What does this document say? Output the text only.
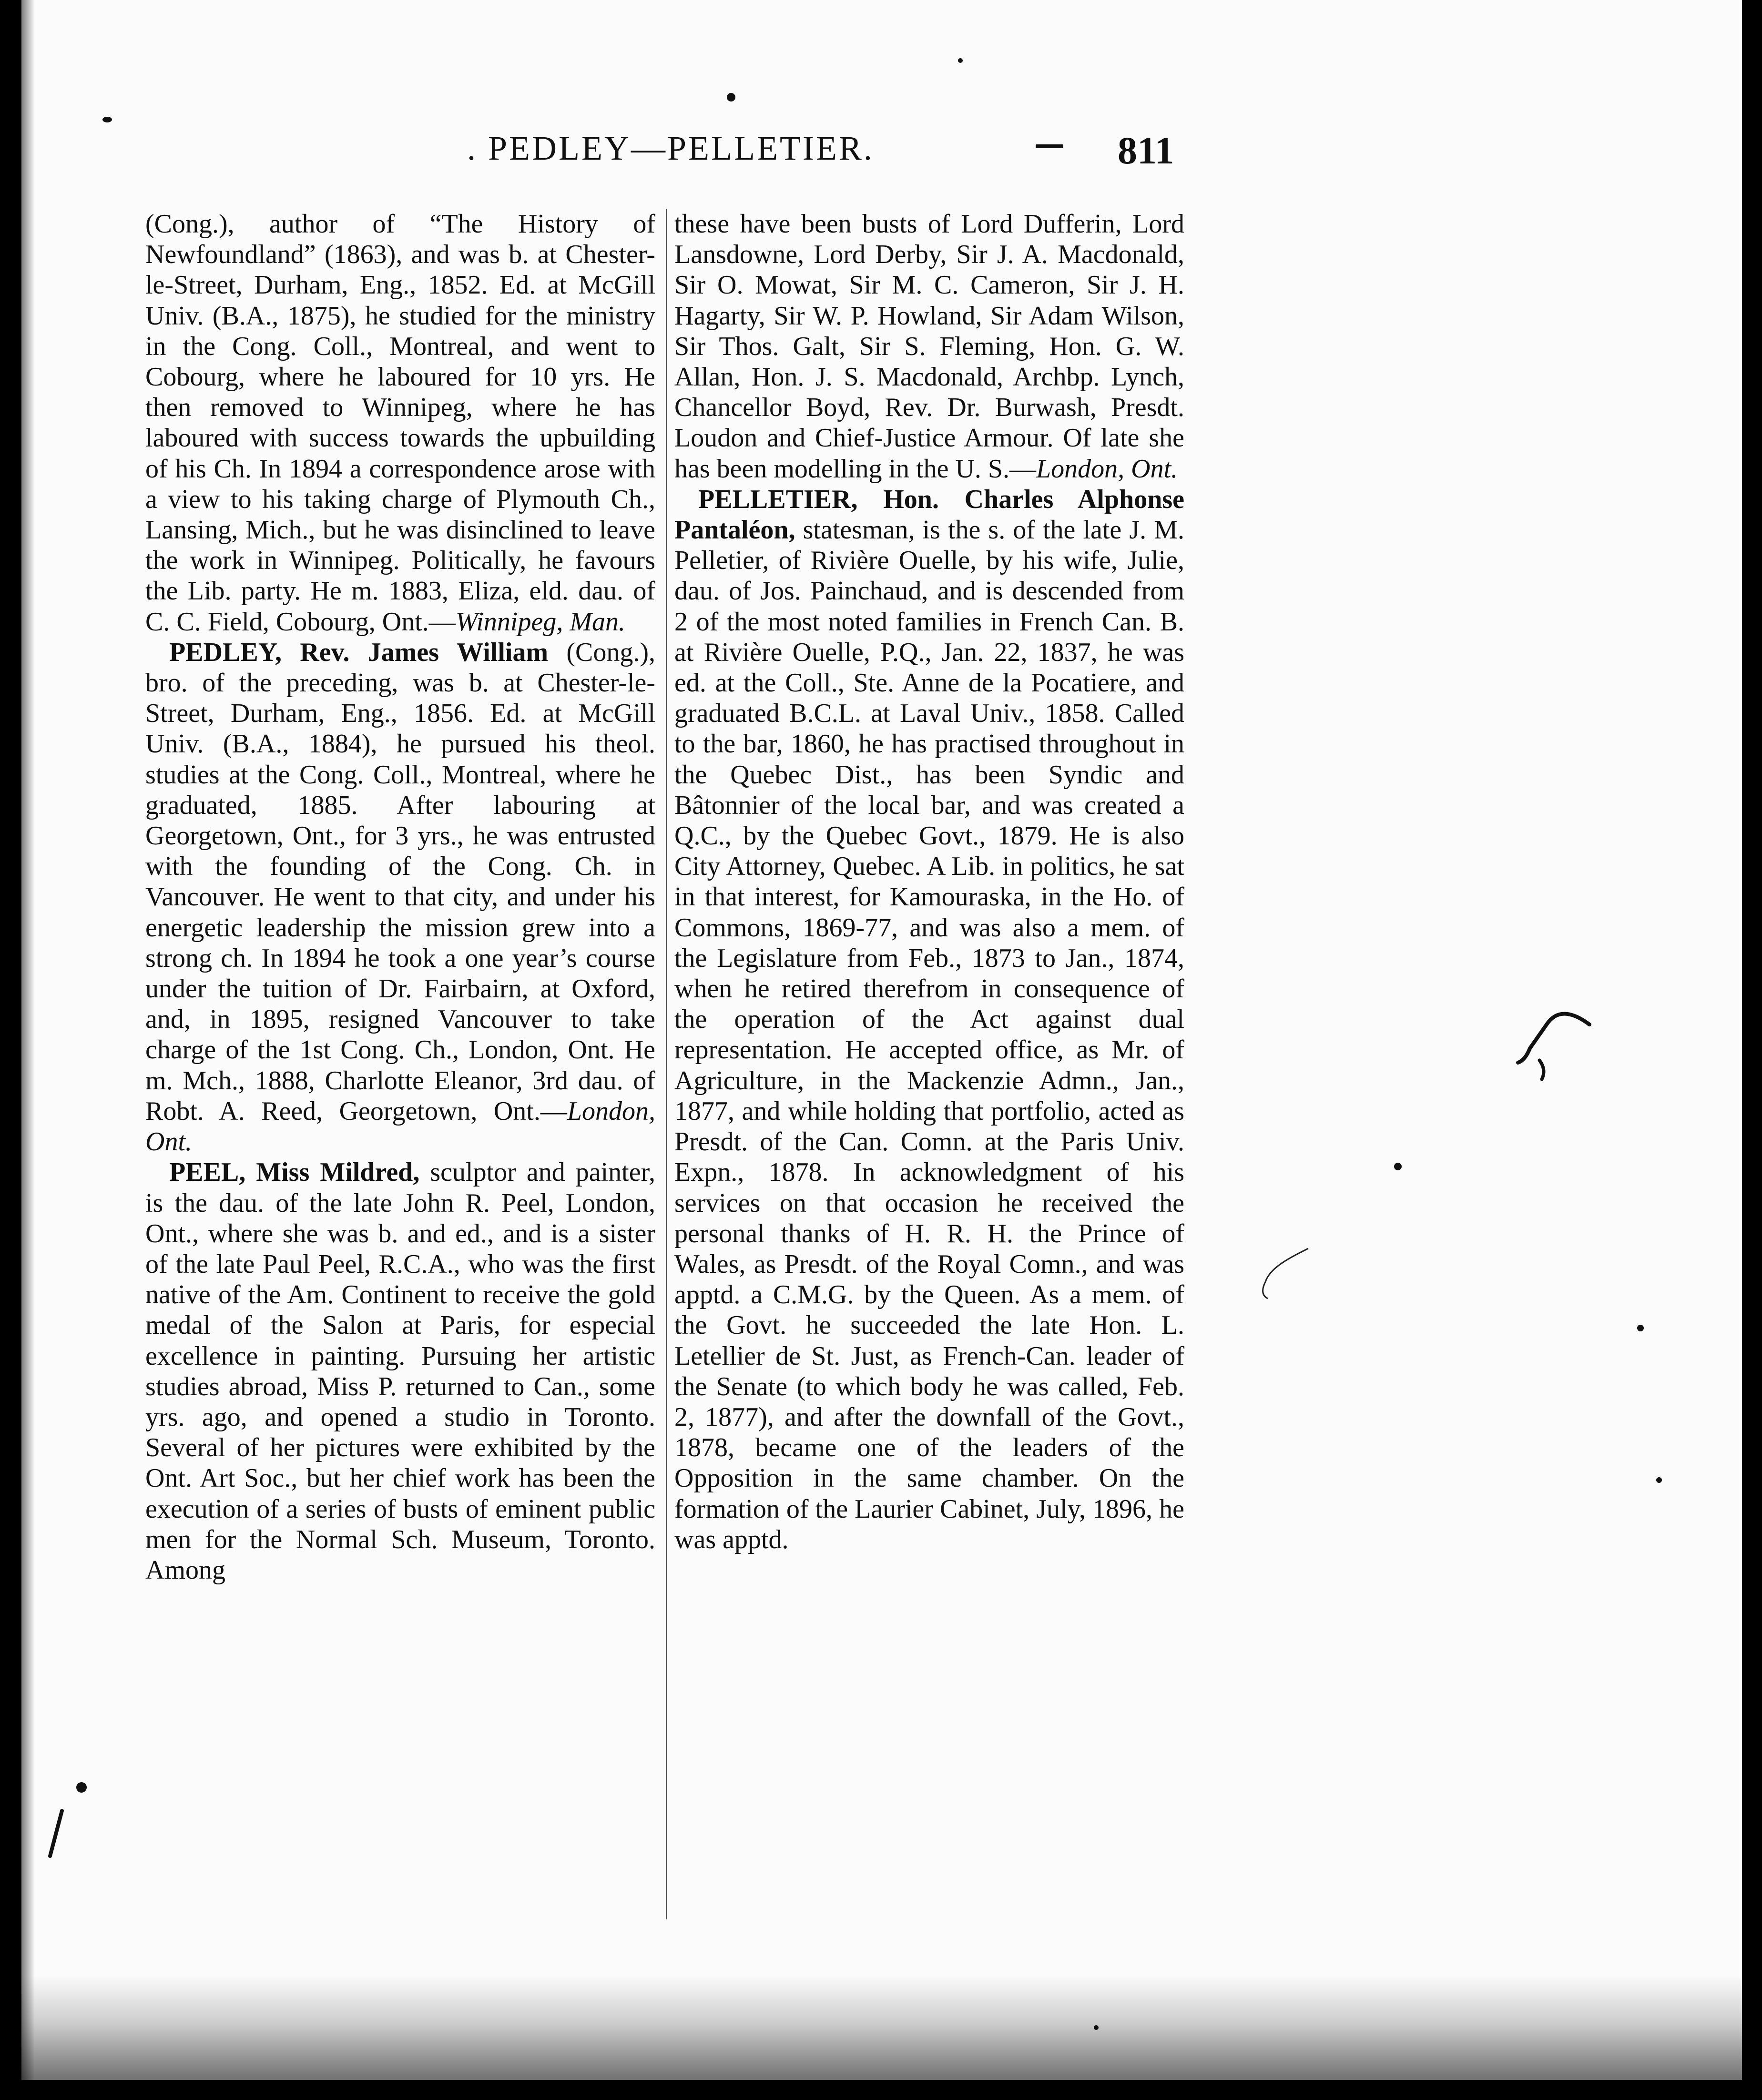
. PEDLEY—PELLETIER.	811

(Cong.), author of “The History of Newfoundland” (1863), and was b. at Chester-le-Street, Durham, Eng., 1852. Ed. at McGill Univ. (B.A., 1875), he studied for the ministry in the Cong. Coll., Montreal, and went to Cobourg, where he laboured for 10 yrs. He then removed to Winnipeg, where he has laboured with success towards the upbuilding of his Ch. In 1894 a correspondence arose with a view to his taking charge of Plymouth Ch., Lansing, Mich., but he was disinclined to leave the work in Winnipeg. Politically, he favours the Lib. party. He m. 1883, Eliza, eld. dau. of C. C. Field, Cobourg, Ont.—Winnipeg, Man.

PEDLEY, Rev. James William (Cong.), bro. of the preceding, was b. at Chester-le-Street, Durham, Eng., 1856. Ed. at McGill Univ. (B.A., 1884), he pursued his theol. studies at the Cong. Coll., Montreal, where he graduated, 1885. After labouring at Georgetown, Ont., for 3 yrs., he was entrusted with the founding of the Cong. Ch. in Vancouver. He went to that city, and under his energetic leadership the mission grew into a strong ch. In 1894 he took a one year’s course under the tuition of Dr. Fairbairn, at Oxford, and, in 1895, resigned Vancouver to take charge of the 1st Cong. Ch., London, Ont. He m. Mch., 1888, Charlotte Eleanor, 3rd dau. of Robt. A. Reed, Georgetown, Ont.—London, Ont.

PEEL, Miss Mildred, sculptor and painter, is the dau. of the late John R. Peel, London, Ont., where she was b. and ed., and is a sister of the late Paul Peel, R.C.A., who was the first native of the Am. Continent to receive the gold medal of the Salon at Paris, for especial excellence in painting. Pursuing her artistic studies abroad, Miss P. returned to Can., some yrs. ago, and opened a studio in Toronto. Several of her pictures were exhibited by the Ont. Art Soc., but her chief work has been the execution of a series of busts of eminent public men for the Normal Sch. Museum, Toronto. Among

these have been busts of Lord Dufferin, Lord Lansdowne, Lord Derby, Sir J. A. Macdonald, Sir O. Mowat, Sir M. C. Cameron, Sir J. H. Hagarty, Sir W. P. Howland, Sir Adam Wilson, Sir Thos. Galt, Sir S. Fleming, Hon. G. W. Allan, Hon. J. S. Macdonald, Archbp. Lynch, Chancellor Boyd, Rev. Dr. Burwash, Presdt. Loudon and Chief-Justice Armour. Of late she has been modelling in the U. S.—London, Ont.

PELLETIER, Hon. Charles Alphonse Pantaléon, statesman, is the s. of the late J. M. Pelletier, of Rivière Ouelle, by his wife, Julie, dau. of Jos. Painchaud, and is descended from 2 of the most noted families in French Can. B. at Rivière Ouelle, P.Q., Jan. 22, 1837, he was ed. at the Coll., Ste. Anne de la Pocatiere, and graduated B.C.L. at Laval Univ., 1858. Called to the bar, 1860, he has practised throughout in the Quebec Dist., has been Syndic and Bâtonnier of the local bar, and was created a Q.C., by the Quebec Govt., 1879. He is also City Attorney, Quebec. A Lib. in politics, he sat in that interest, for Kamouraska, in the Ho. of Commons, 1869-77, and was also a mem. of the Legislature from Feb., 1873 to Jan., 1874, when he retired therefrom in consequence of the operation of the Act against dual representation. He accepted office, as Mr. of Agriculture, in the Mackenzie Admn., Jan., 1877, and while holding that portfolio, acted as Presdt. of the Can. Comn. at the Paris Univ. Expn., 1878. In acknowledgment of his services on that occasion he received the personal thanks of H. R. H. the Prince of Wales, as Presdt. of the Royal Comn., and was apptd. a C.M.G. by the Queen. As a mem. of the Govt. he succeeded the late Hon. L. Letellier de St. Just, as French-Can. leader of the Senate (to which body he was called, Feb. 2, 1877), and after the downfall of the Govt., 1878, became one of the leaders of the Opposition in the same chamber. On the formation of the Laurier Cabinet, July, 1896, he was apptd.
